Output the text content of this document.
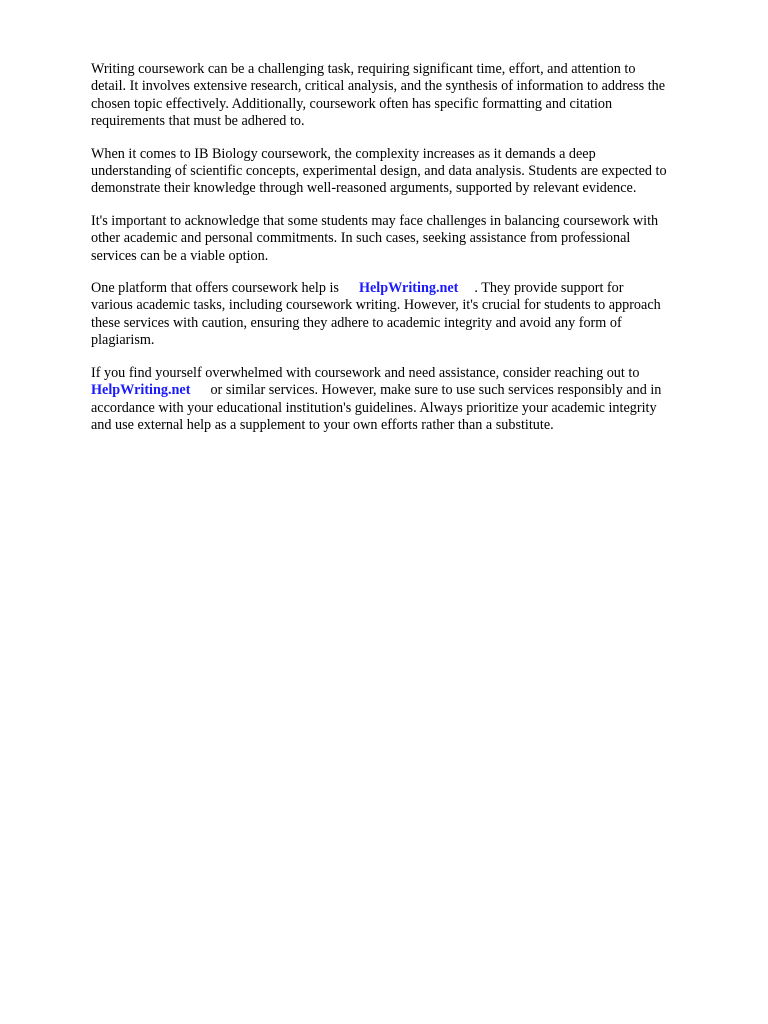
Writing coursework can be a challenging task, requiring significant time, effort, and attention to
detail. It involves extensive research, critical analysis, and the synthesis of information to address the
chosen topic effectively. Additionally, coursework often has specific formatting and citation
requirements that must be adhered to.

When it comes to IB Biology coursework, the complexity increases as it demands a deep
understanding of scientific concepts, experimental design, and data analysis. Students are expected to
demonstrate their knowledge through well-reasoned arguments, supported by relevant evidence.

It's important to acknowledge that some students may face challenges in balancing coursework with
other academic and personal commitments. In such cases, seeking assistance from professional
services can be a viable option.

One platform that offers coursework help is HelpWriting.net . They provide support for
various academic tasks, including coursework writing. However, it's crucial for students to approach
these services with caution, ensuring they adhere to academic integrity and avoid any form of
plagiarism.

If you find yourself overwhelmed with coursework and need assistance, consider reaching out to
HelpWriting.net or similar services. However, make sure to use such services responsibly and in
accordance with your educational institution's guidelines. Always prioritize your academic integrity
and use external help as a supplement to your own efforts rather than a substitute.
